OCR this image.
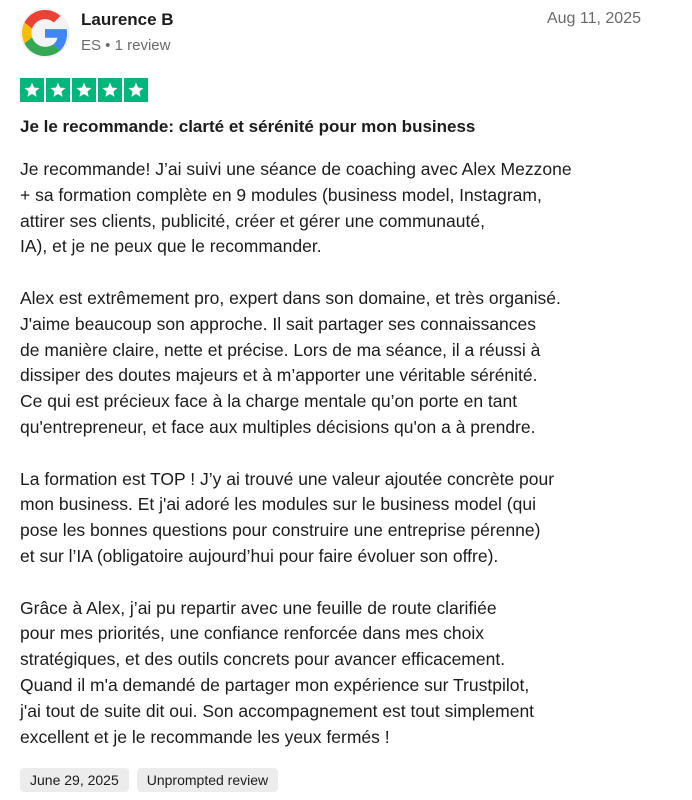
Laurence B
ES • 1 review
Aug 11, 2025
Je le recommande: clarté et sérénité pour mon business
Je recommande! J’ai suivi une séance de coaching avec Alex Mezzone
+ sa formation complète en 9 modules (business model, Instagram,
attirer ses clients, publicité, créer et gérer une communauté,
IA), et je ne peux que le recommander.
Alex est extrêmement pro, expert dans son domaine, et très organisé.
J'aime beaucoup son approche. Il sait partager ses connaissances
de manière claire, nette et précise. Lors de ma séance, il a réussi à
dissiper des doutes majeurs et à m’apporter une véritable sérénité.
Ce qui est précieux face à la charge mentale qu’on porte en tant
qu'entrepreneur, et face aux multiples décisions qu'on a à prendre.
La formation est TOP ! J’y ai trouvé une valeur ajoutée concrète pour
mon business. Et j'ai adoré les modules sur le business model (qui
pose les bonnes questions pour construire une entreprise pérenne)
et sur l’IA (obligatoire aujourd’hui pour faire évoluer son offre).
Grâce à Alex, j’ai pu repartir avec une feuille de route clarifiée
pour mes priorités, une confiance renforcée dans mes choix
stratégiques, et des outils concrets pour avancer efficacement.
Quand il m'a demandé de partager mon expérience sur Trustpilot,
j'ai tout de suite dit oui. Son accompagnement est tout simplement
excellent et je le recommande les yeux fermés !
June 29, 2025	Unprompted review
